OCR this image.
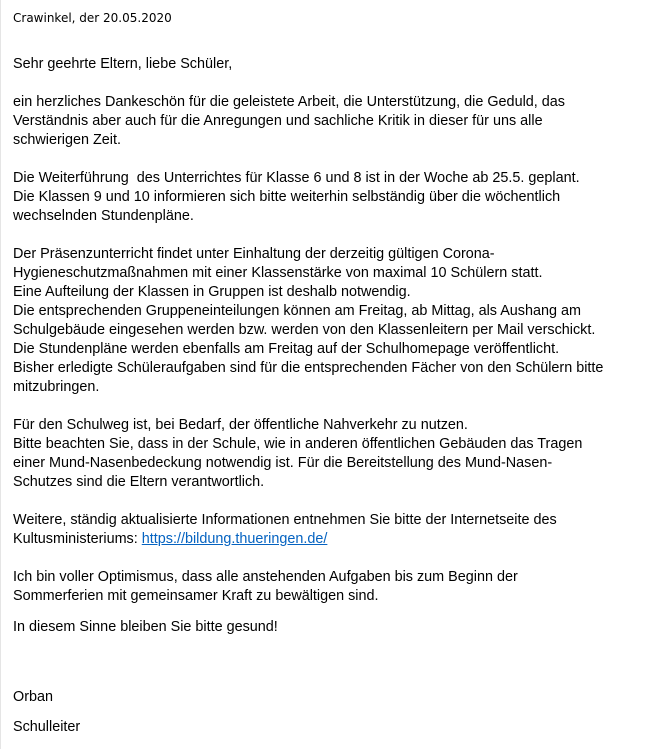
Crawinkel, der 20.05.2020

Sehr geehrte Eltern, liebe Schüler,

ein herzliches Dankeschön für die geleistete Arbeit, die Unterstützung, die Geduld, das
Verständnis aber auch für die Anregungen und sachliche Kritik in dieser für uns alle
schwierigen Zeit.

Die Weiterführung  des Unterrichtes für Klasse 6 und 8 ist in der Woche ab 25.5. geplant.
Die Klassen 9 und 10 informieren sich bitte weiterhin selbständig über die wöchentlich
wechselnden Stundenpläne.

Der Präsenzunterricht findet unter Einhaltung der derzeitig gültigen Corona-
Hygieneschutzmaßnahmen mit einer Klassenstärke von maximal 10 Schülern statt.
Eine Aufteilung der Klassen in Gruppen ist deshalb notwendig.
Die entsprechenden Gruppeneinteilungen können am Freitag, ab Mittag, als Aushang am
Schulgebäude eingesehen werden bzw. werden von den Klassenleitern per Mail verschickt.
Die Stundenpläne werden ebenfalls am Freitag auf der Schulhomepage veröffentlicht.
Bisher erledigte Schüleraufgaben sind für die entsprechenden Fächer von den Schülern bitte
mitzubringen.

Für den Schulweg ist, bei Bedarf, der öffentliche Nahverkehr zu nutzen.
Bitte beachten Sie, dass in der Schule, wie in anderen öffentlichen Gebäuden das Tragen
einer Mund-Nasenbedeckung notwendig ist. Für die Bereitstellung des Mund-Nasen-
Schutzes sind die Eltern verantwortlich.

Weitere, ständig aktualisierte Informationen entnehmen Sie bitte der Internetseite des
Kultusministeriums: https://bildung.thueringen.de/

Ich bin voller Optimismus, dass alle anstehenden Aufgaben bis zum Beginn der
Sommerferien mit gemeinsamer Kraft zu bewältigen sind.

In diesem Sinne bleiben Sie bitte gesund!

Orban
Schulleiter
